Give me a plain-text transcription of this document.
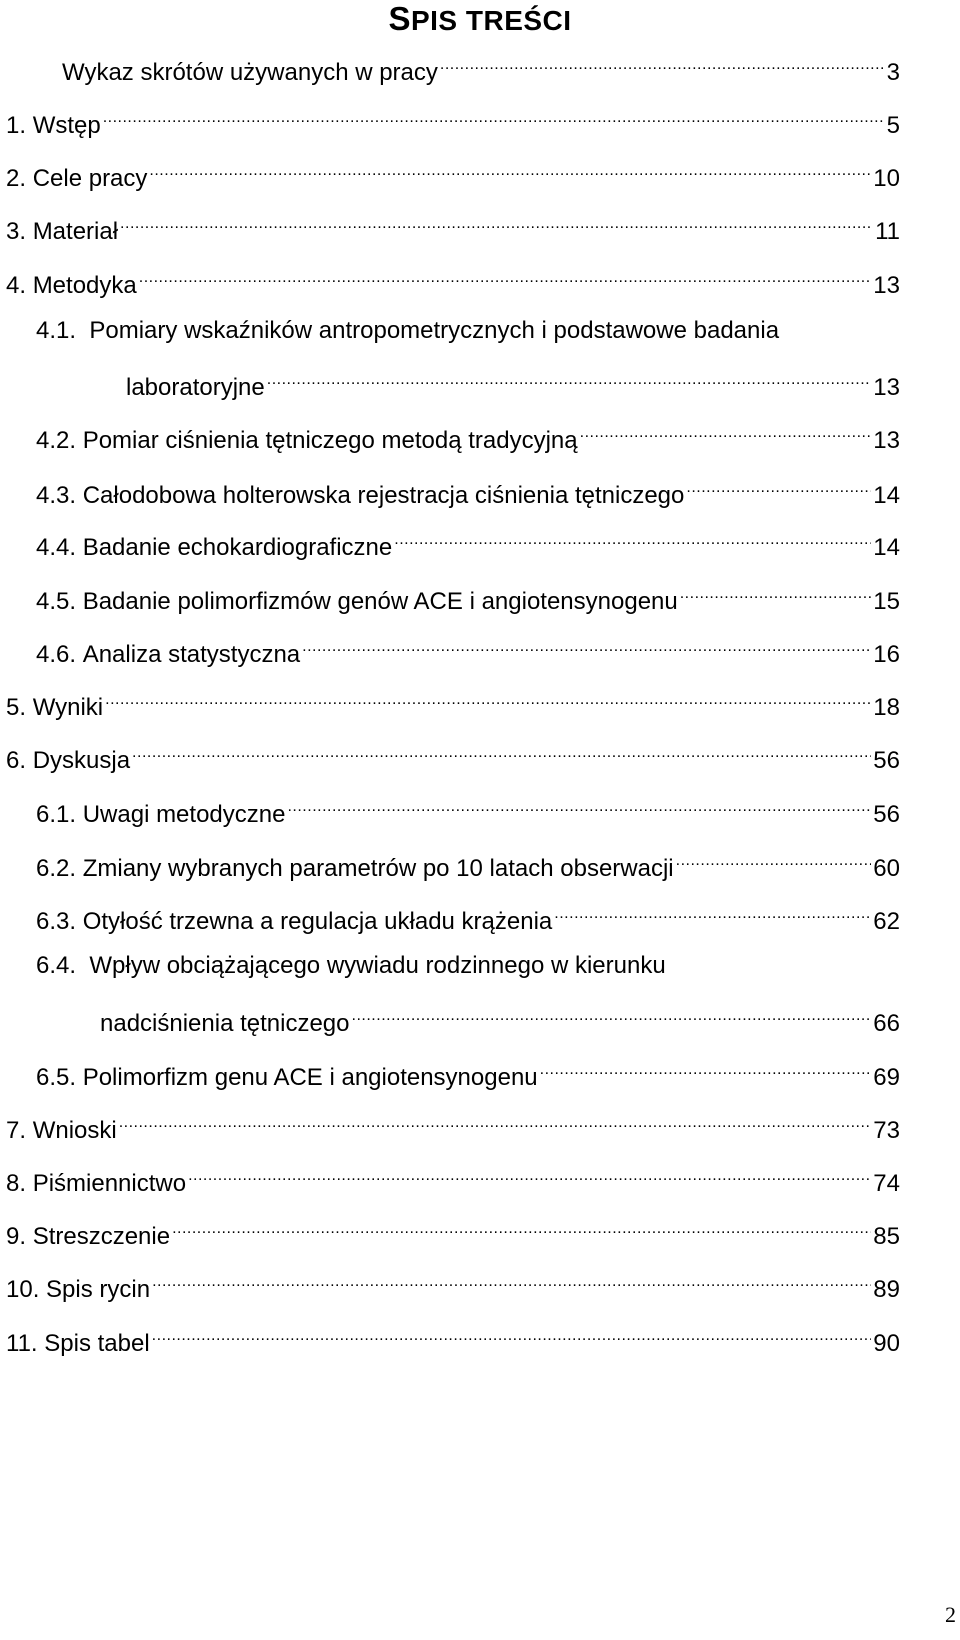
SPIS TREŚCI
Wykaz skrótów używanych w pracy .....	3
1. Wstęp .....	5
2. Cele pracy .....	10
3. Materiał .....	11
4. Metodyka .....	13
4.1. Pomiary wskaźników antropometrycznych i podstawowe badania
laboratoryjne .....	13
4.2. Pomiar ciśnienia tętniczego metodą tradycyjną .....	13
4.3. Całodobowa holterowska rejestracja ciśnienia tętniczego .....	14
4.4. Badanie echokardiograficzne .....	14
4.5. Badanie polimorfizmów genów ACE i angiotensynogenu .....	15
4.6. Analiza statystyczna .....	16
5. Wyniki .....	18
6. Dyskusja .....	56
6.1. Uwagi metodyczne .....	56
6.2. Zmiany wybranych parametrów po 10 latach obserwacji .....	60
6.3. Otyłość trzewna a regulacja układu krążenia .....	62
6.4. Wpływ obciążającego wywiadu rodzinnego w kierunku
nadciśnienia tętniczego .....	66
6.5. Polimorfizm genu ACE i angiotensynogenu .....	69
7. Wnioski .....	73
8. Piśmiennictwo .....	74
9. Streszczenie .....	85
10. Spis rycin .....	89
11. Spis tabel .....	90
2
